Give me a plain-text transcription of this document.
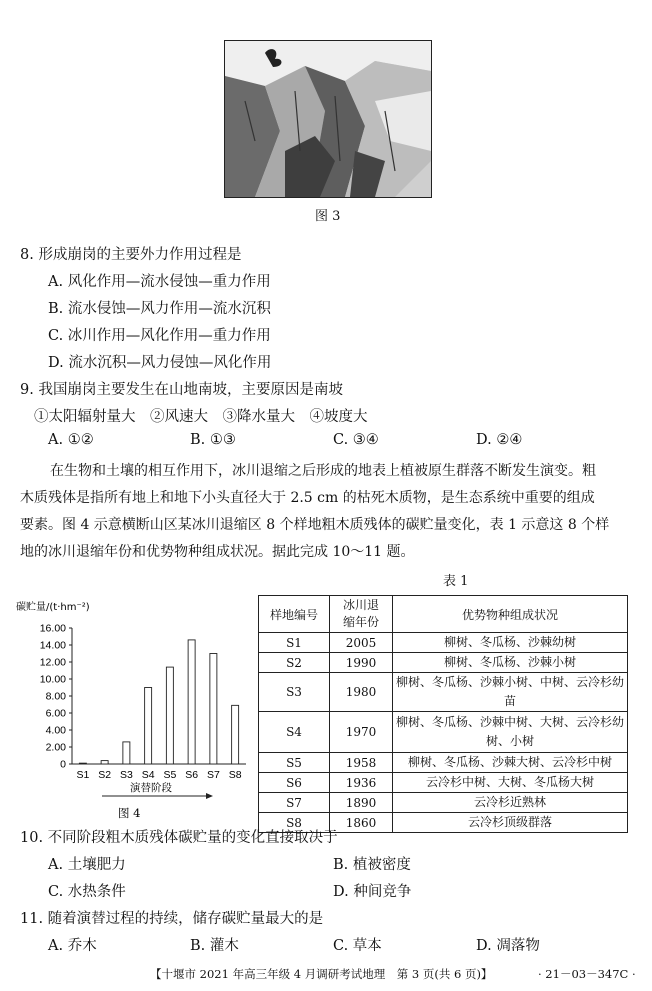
图 3
8. 形成崩岗的主要外力作用过程是
A. 风化作用—流水侵蚀—重力作用
B. 流水侵蚀—风力作用—流水沉积
C. 冰川作用—风化作用—重力作用
D. 流水沉积—风力侵蚀—风化作用
9. 我国崩岗主要发生在山地南坡，主要原因是南坡
①太阳辐射量大　②风速大　③降水量大　④坡度大
A. ①②	B. ①③	C. ③④	D. ②④
在生物和土壤的相互作用下，冰川退缩之后形成的地表上植被原生群落不断发生演变。粗
木质残体是指所有地上和地下小头直径大于 2.5 cm 的枯死木质物，是生态系统中重要的组成
要素。图 4 示意横断山区某冰川退缩区 8 个样地粗木质残体的碳贮量变化，表 1 示意这 8 个样
地的冰川退缩年份和优势物种组成状况。据此完成 10～11 题。
表 1
碳贮量/(t·hm⁻²)
0
2.00
4.00
6.00
8.00
10.00
12.00
14.00
16.00
S1 S2 S3 S4 S5 S6 S7 S8
演替阶段
图 4
样地编号	冰川退缩年份	优势物种组成状况
S1	2005	柳树、冬瓜杨、沙棘幼树
S2	1990	柳树、冬瓜杨、沙棘小树
S3	1980	柳树、冬瓜杨、沙棘小树、中树、云冷杉幼苗
S4	1970	柳树、冬瓜杨、沙棘中树、大树、云冷杉幼树、小树
S5	1958	柳树、冬瓜杨、沙棘大树、云冷杉中树
S6	1936	云冷杉中树、大树、冬瓜杨大树
S7	1890	云冷杉近熟林
S8	1860	云冷杉顶级群落
10. 不同阶段粗木质残体碳贮量的变化直接取决于
A. 土壤肥力	B. 植被密度
C. 水热条件	D. 种间竞争
11. 随着演替过程的持续，储存碳贮量最大的是
A. 乔木	B. 灌木	C. 草本	D. 凋落物
【十堰市 2021 年高三年级 4 月调研考试地理　第 3 页(共 6 页)】	· 21－03－347C ·
